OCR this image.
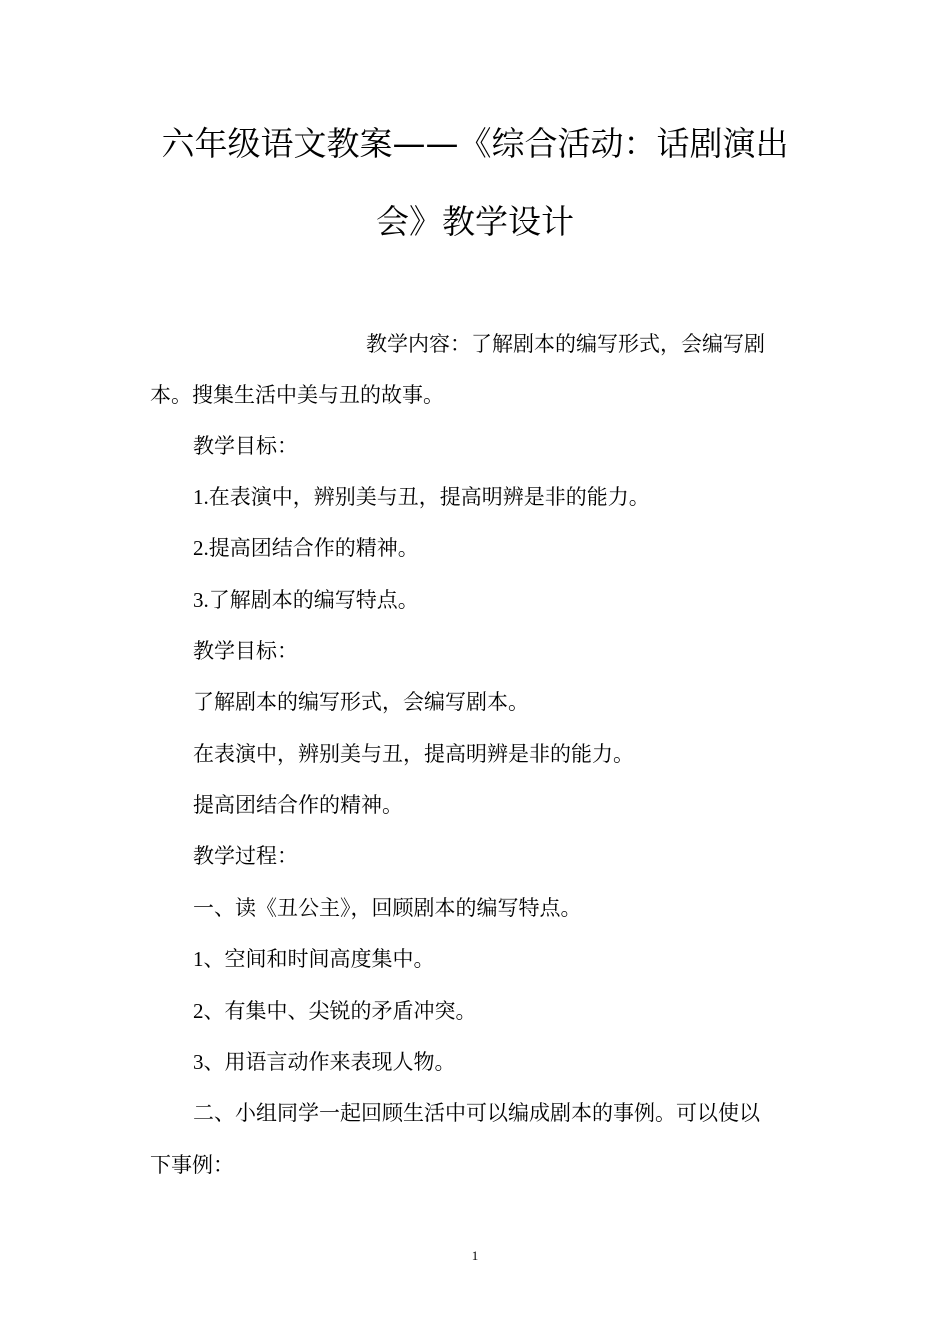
六年级语文教案——《综合活动：话剧演出
会》教学设计
教学内容：了解剧本的编写形式，会编写剧
本。搜集生活中美与丑的故事。
教学目标：
1.在表演中，辨别美与丑，提高明辨是非的能力。
2.提高团结合作的精神。
3.了解剧本的编写特点。
教学目标：
了解剧本的编写形式，会编写剧本。
在表演中，辨别美与丑，提高明辨是非的能力。
提高团结合作的精神。
教学过程：
一、读《丑公主》，回顾剧本的编写特点。
1、空间和时间高度集中。
2、有集中、尖锐的矛盾冲突。
3、用语言动作来表现人物。
二、小组同学一起回顾生活中可以编成剧本的事例。可以使以
下事例：
1
